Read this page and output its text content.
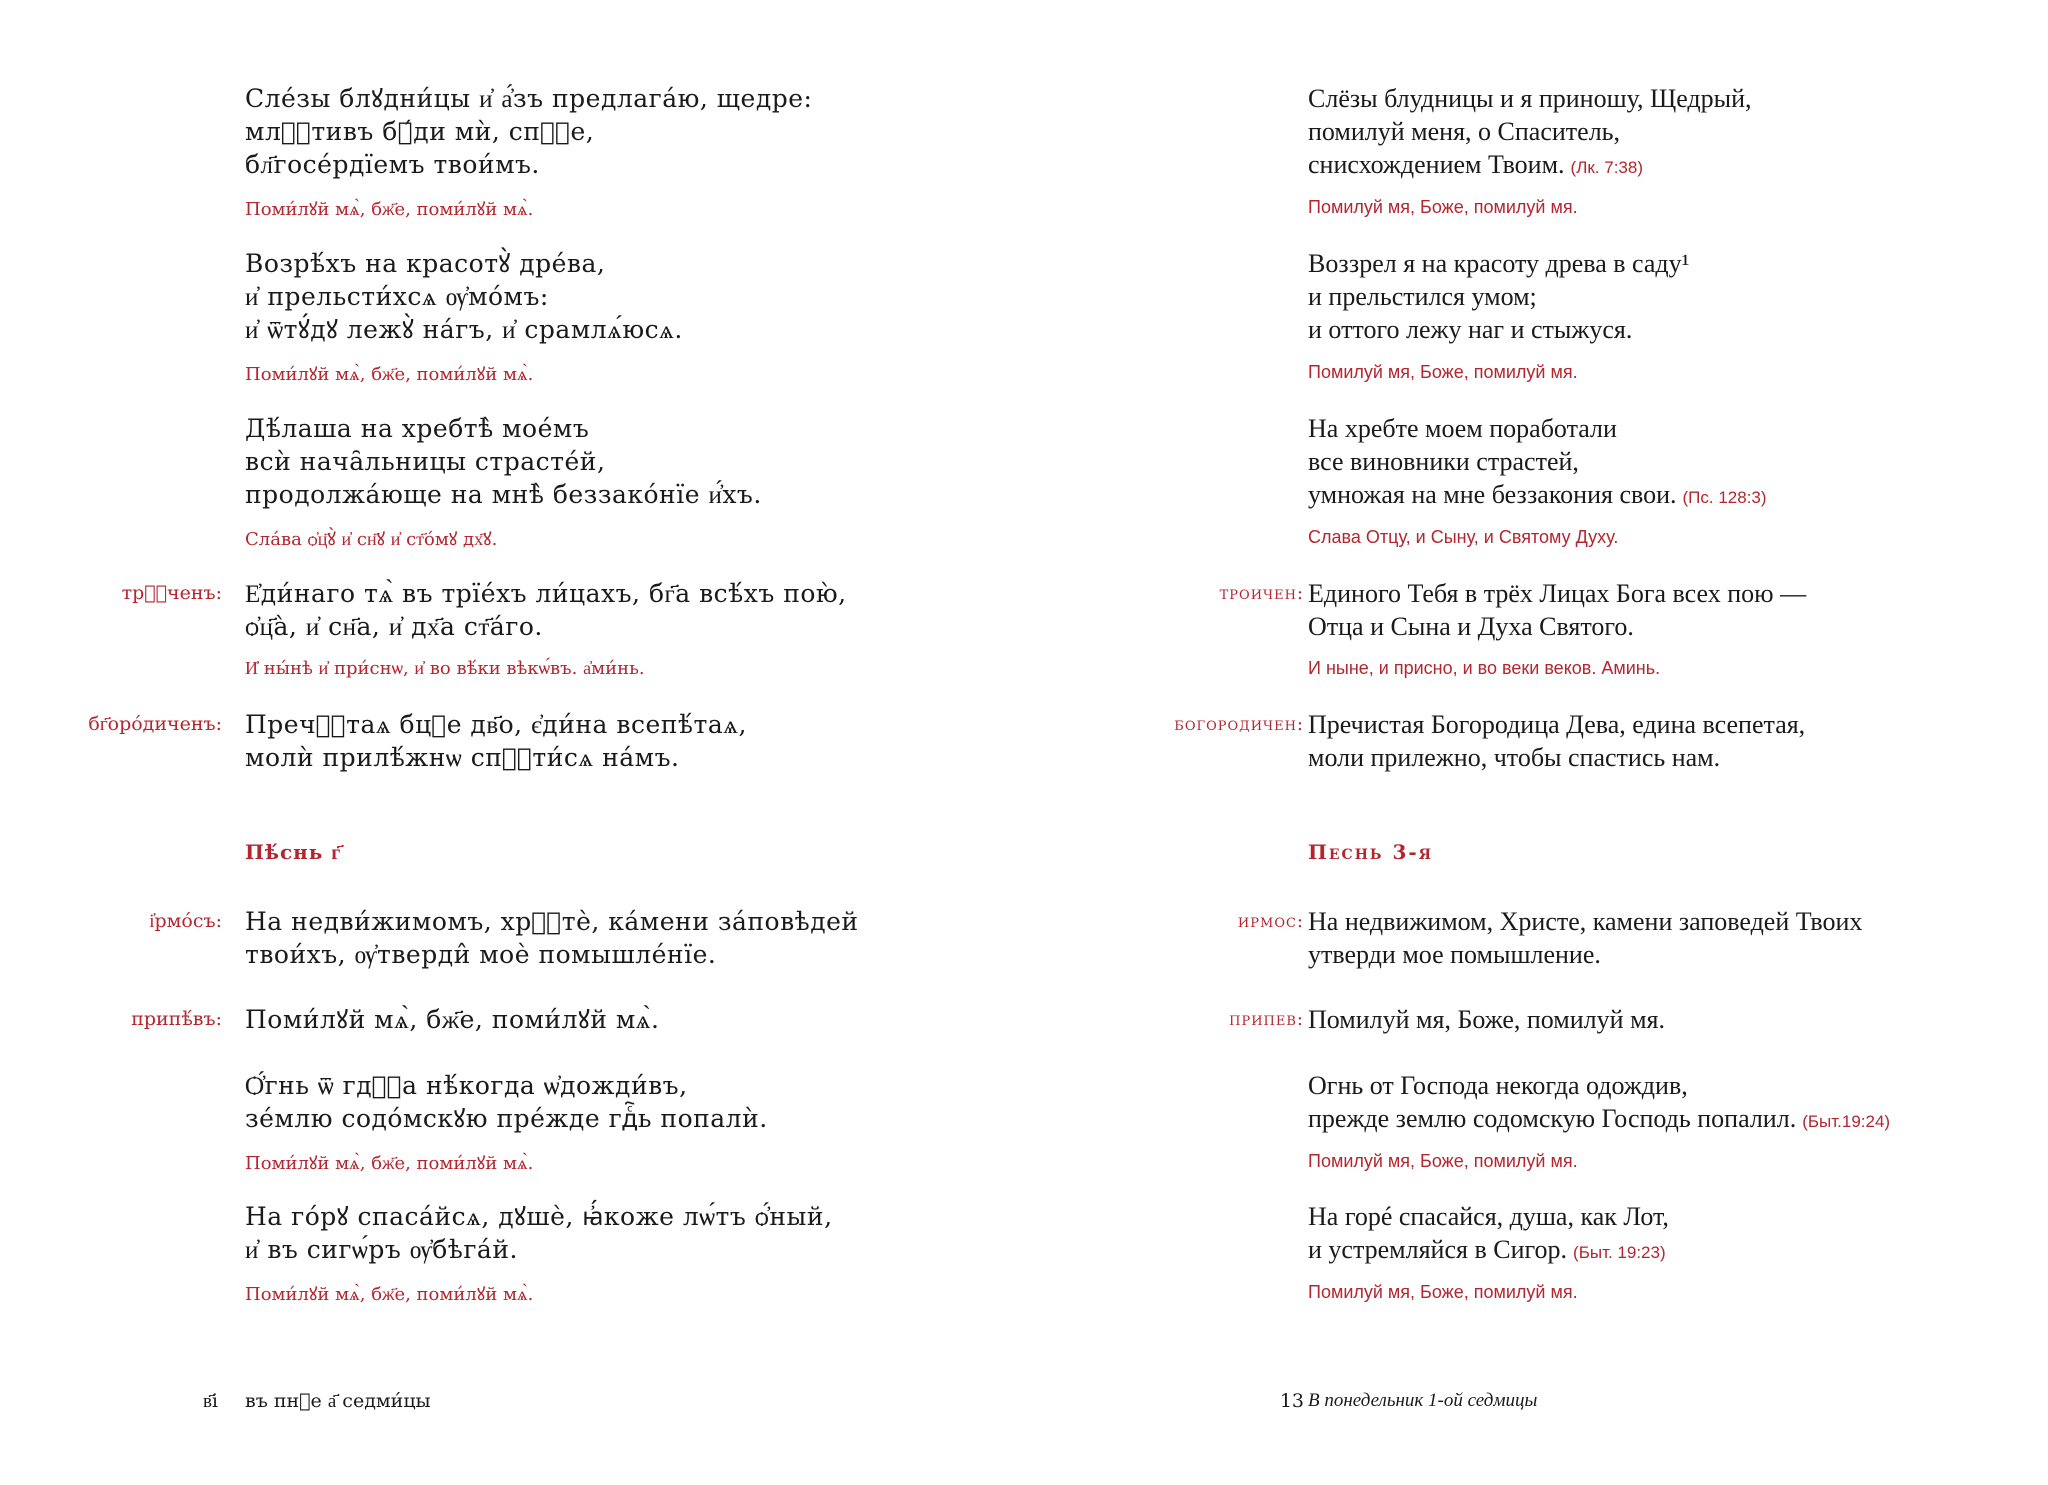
Сле́зы блꙋдни́цы и҆ а҆́зъ предлага́ю, щедре:
млⷭ҇тивъ бꙋ́ди мѝ, спⷭ҇е,
бл҃госе́рдїемъ твои́мъ.
Поми́лꙋй мѧ̀, бж҃е, поми́лꙋй мѧ̀.
Возрѣ́хъ на красотꙋ̀ дре́ва,
и҆ прельсти́хсѧ ѹ҆мо́мъ:
и҆ ѿтꙋ́дꙋ лежꙋ̀ на́гъ, и҆ срамлѧ́юсѧ.
Поми́лꙋй мѧ̀, бж҃е, поми́лꙋй мѧ̀.
Дѣ́лаша на хребтѣ̀ мое́мъ
всѝ нача̑льницы страсте́й,
продолжа́юще на мнѣ̀ беззако́нїе и҆́хъ.
Сла́ва ѻ҆ц҃ꙋ̀ и҆ сн҃ꙋ и҆ ст҃о́мꙋ дх҃ꙋ.
трⷪ҇ченъ: Е҆ди́наго тѧ̀ въ трїе́хъ ли́цахъ, бг҃а всѣ́хъ пою̀,
ѻ҆ц҃а̀, и҆ сн҃а, и҆ дх҃а ст҃а́го.
И҆ ны́нѣ и҆ при́снѡ, и҆ во вѣ́ки вѣкѡ́въ. а҆ми́нь.
бг҃оро́диченъ: Пречⷭ҇таѧ бцⷣе дв҃о, є҆ди́на всепѣ́таѧ,
молѝ прилѣ́жнѡ спⷭ҇ти́сѧ на́мъ.
Пѣ́снь г҃
і҆рмо́съ: На недви́жимомъ, хрⷭ҇тѐ, ка́мени за́повѣдей
твои́хъ, ѹ҆тверди̂ моѐ помышле́нїе.
припѣ́въ: Поми́лꙋй мѧ̀, бж҃е, поми́лꙋй мѧ̀.
Ѻ҆́гнь ѿ гдⷭ҇а нѣ́когда ѡ҆дожди́въ,
зе́млю содо́мскꙋю пре́жде гдⷭ҇ь попалѝ.
Поми́лꙋй мѧ̀, бж҃е, поми́лꙋй мѧ̀.
На го́рꙋ спаса́йсѧ, дꙋшѐ, ꙗ҆́коже лѡ́тъ ѻ҆́ный,
и҆ въ сигѡ́ръ ѹ҆бѣга́й.
Поми́лꙋй мѧ̀, бж҃е, поми́лꙋй мѧ̀.
в҃і въ пнⷣе а҃ седми́цы
Слёзы блудницы и я приношу, Щедрый,
помилуй меня, о Спаситель,
снисхождением Твоим. (Лк. 7:38)
Помилуй мя, Боже, помилуй мя.
Воззрел я на красоту древа в саду¹
и прельстился умом;
и оттого лежу наг и стыжуся.
Помилуй мя, Боже, помилуй мя.
На хребте моем поработали
все виновники страстей,
умножая на мне беззакония свои. (Пс. 128:3)
Слава Отцу, и Сыну, и Святому Духу.
троичен: Единого Тебя в трёх Лицах Бога всех пою —
Отца и Сына и Духа Святого.
И ныне, и присно, и во веки веков. Аминь.
богородичен: Пречистая Богородица Дева, едина всепетая,
моли прилежно, чтобы спастись нам.
Песнь 3-я
ирмос: На недвижимом, Христе, камени заповедей Твоих
утверди мое помышление.
припев: Помилуй мя, Боже, помилуй мя.
Огнь от Господа некогда одождив,
прежде землю содомскую Господь попалил. (Быт.19:24)
Помилуй мя, Боже, помилуй мя.
На горé спасайся, душа, как Лот,
и устремляйся в Сигор. (Быт. 19:23)
Помилуй мя, Боже, помилуй мя.
13 В понедельник 1-ой седмицы
